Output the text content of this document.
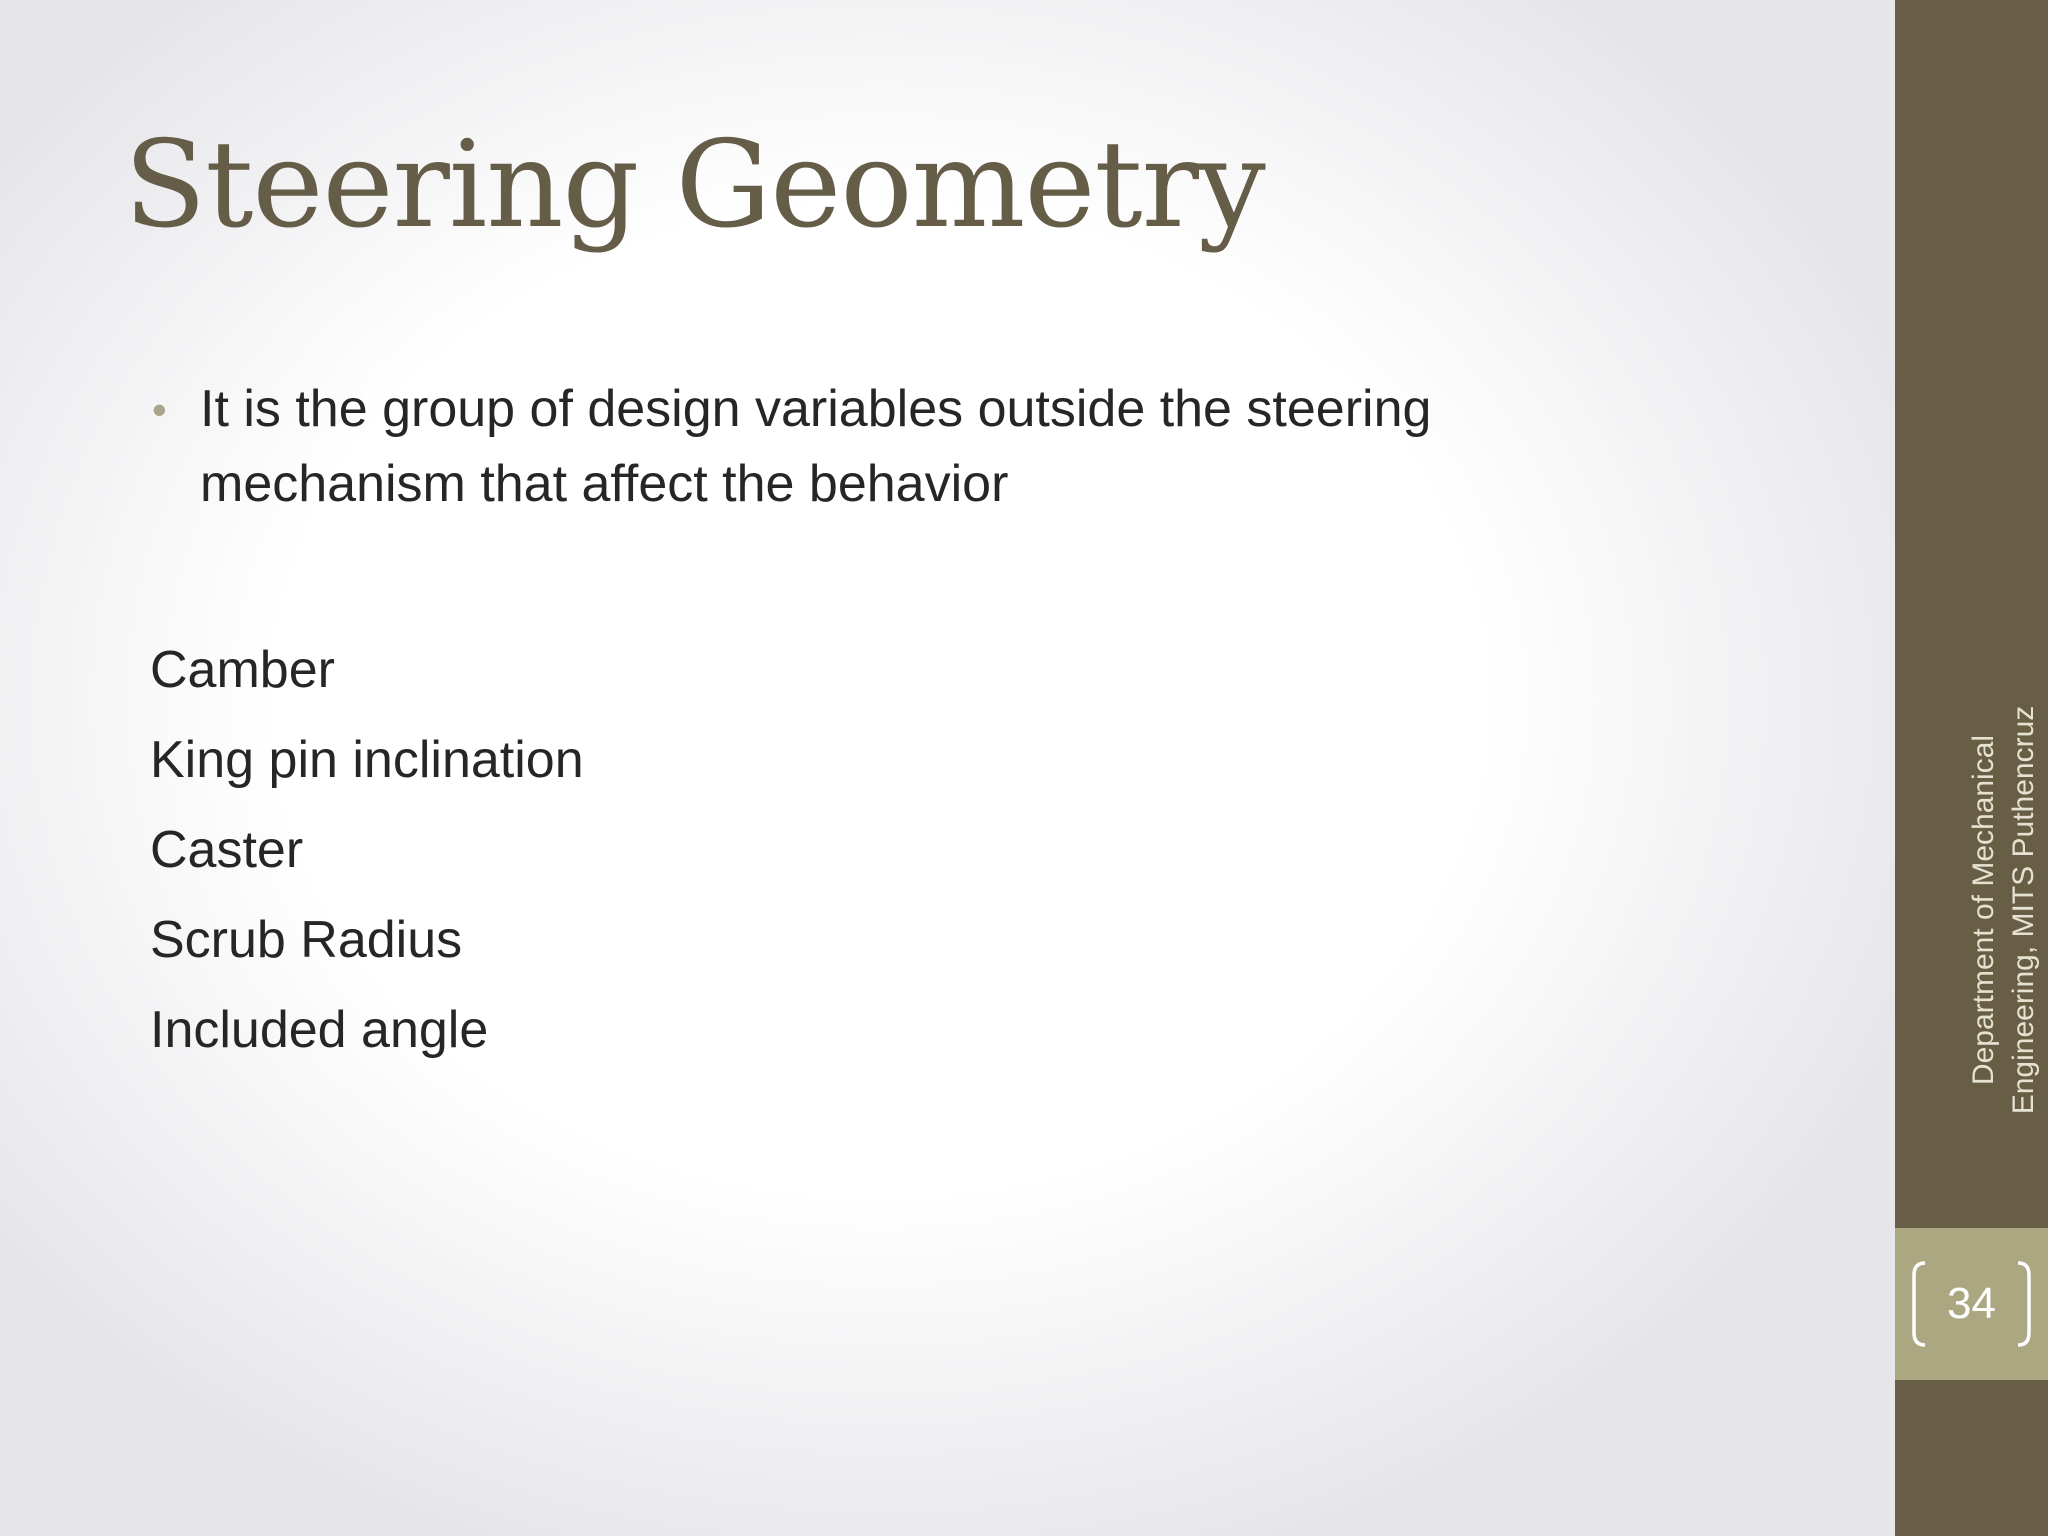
Steering Geometry
• It is the group of design variables outside the steering
mechanism that affect the behavior
Camber
King pin inclination
Caster
Scrub Radius
Included angle	Department of Mechanical Engineering, MITS Puthencruz
34
